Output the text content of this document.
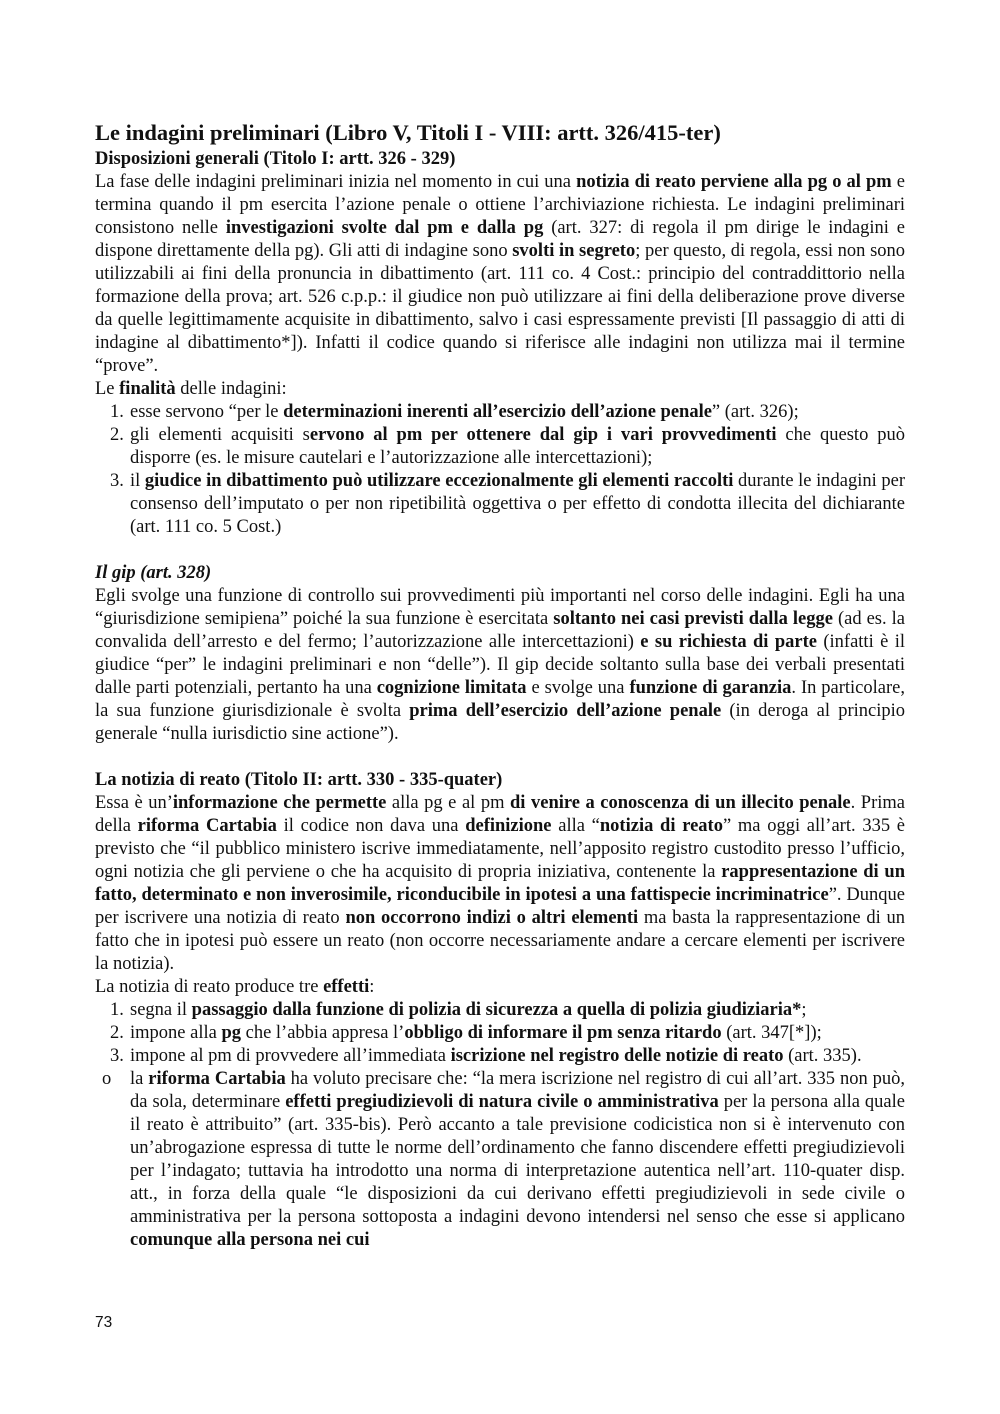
Le indagini preliminari (Libro V, Titoli I - VIII: artt. 326/415-ter)
Disposizioni generali (Titolo I: artt. 326 - 329)

La fase delle indagini preliminari inizia nel momento in cui una notizia di reato perviene alla pg o al pm e termina quando il pm esercita l’azione penale o ottiene l’archiviazione richiesta. Le indagini preliminari consistono nelle investigazioni svolte dal pm e dalla pg (art. 327: di regola il pm dirige le indagini e dispone direttamente della pg). Gli atti di indagine sono svolti in segreto; per questo, di regola, essi non sono utilizzabili ai fini della pronuncia in dibattimento (art. 111 co. 4 Cost.: principio del contraddittorio nella formazione della prova; art. 526 c.p.p.: il giudice non può utilizzare ai fini della deliberazione prove diverse da quelle legittimamente acquisite in dibattimento, salvo i casi espressamente previsti [Il passaggio di atti di indagine al dibattimento*]). Infatti il codice quando si riferisce alle indagini non utilizza mai il termine “prove”.

Le finalità delle indagini:

1. esse servono “per le determinazioni inerenti all’esercizio dell’azione penale” (art. 326);
2. gli elementi acquisiti servono al pm per ottenere dal gip i vari provvedimenti che questo può disporre (es. le misure cautelari e l’autorizzazione alle intercettazioni);
3. il giudice in dibattimento può utilizzare eccezionalmente gli elementi raccolti durante le indagini per consenso dell’imputato o per non ripetibilità oggettiva o per effetto di condotta illecita del dichiarante (art. 111 co. 5 Cost.)
Il gip (art. 328)

Egli svolge una funzione di controllo sui provvedimenti più importanti nel corso delle indagini. Egli ha una “giurisdizione semipiena” poiché la sua funzione è esercitata soltanto nei casi previsti dalla legge (ad es. la convalida dell’arresto e del fermo; l’autorizzazione alle intercettazioni) e su richiesta di parte (infatti è il giudice “per” le indagini preliminari e non “delle”). Il gip decide soltanto sulla base dei verbali presentati dalle parti potenziali, pertanto ha una cognizione limitata e svolge una funzione di garanzia. In particolare, la sua funzione giurisdizionale è svolta prima dell’esercizio dell’azione penale (in deroga al principio generale “nulla iurisdictio sine actione”).

La notizia di reato (Titolo II: artt. 330 - 335-quater)

Essa è un’informazione che permette alla pg e al pm di venire a conoscenza di un illecito penale. Prima della riforma Cartabia il codice non dava una definizione alla “notizia di reato” ma oggi all’art. 335 è previsto che “il pubblico ministero iscrive immediatamente, nell’apposito registro custodito presso l’ufficio, ogni notizia che gli perviene o che ha acquisito di propria iniziativa, contenente la rappresentazione di un fatto, determinato e non inverosimile, riconducibile in ipotesi a una fattispecie incriminatrice”. Dunque per iscrivere una notizia di reato non occorrono indizi o altri elementi ma basta la rappresentazione di un fatto che in ipotesi può essere un reato (non occorre necessariamente andare a cercare elementi per iscrivere la notizia).

La notizia di reato produce tre effetti:

1. segna il passaggio dalla funzione di polizia di sicurezza a quella di polizia giudiziaria*;
2. impone alla pg che l’abbia appresa l’obbligo di informare il pm senza ritardo (art. 347[*]);
3. impone al pm di provvedere all’immediata iscrizione nel registro delle notizie di reato (art. 335).
o	la riforma Cartabia ha voluto precisare che: “la mera iscrizione nel registro di cui all’art. 335 non può, da sola, determinare effetti pregiudizievoli di natura civile o amministrativa per la persona alla quale il reato è attribuito” (art. 335-bis). Però accanto a tale previsione codicistica non si è intervenuto con un’abrogazione espressa di tutte le norme dell’ordinamento che fanno discendere effetti pregiudizievoli per l’indagato; tuttavia ha introdotto una norma di interpretazione autentica nell’art. 110-quater disp. att., in forza della quale “le disposizioni da cui derivano effetti pregiudizievoli in sede civile o amministrativa per la persona sottoposta a indagini devono intendersi nel senso che esse si applicano comunque alla persona nei cui
73
